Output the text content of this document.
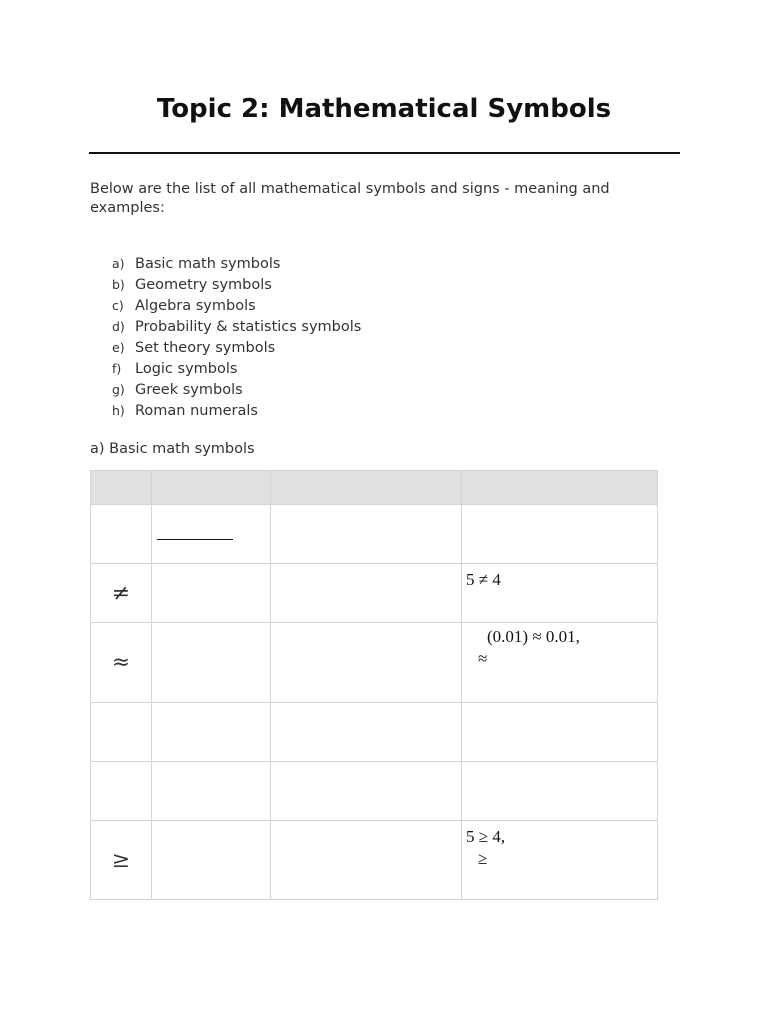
Topic 2: Mathematical Symbols
Below are the list of all mathematical symbols and signs - meaning and examples:
a) Basic math symbols
b) Geometry symbols
c) Algebra symbols
d) Probability & statistics symbols
e) Set theory symbols
f) Logic symbols
g) Greek symbols
h) Roman numerals
a) Basic math symbols

≠			5 ≠ 4

≈			(0.01) ≈ 0.01,
≈

≥			5 ≥ 4,
≥
